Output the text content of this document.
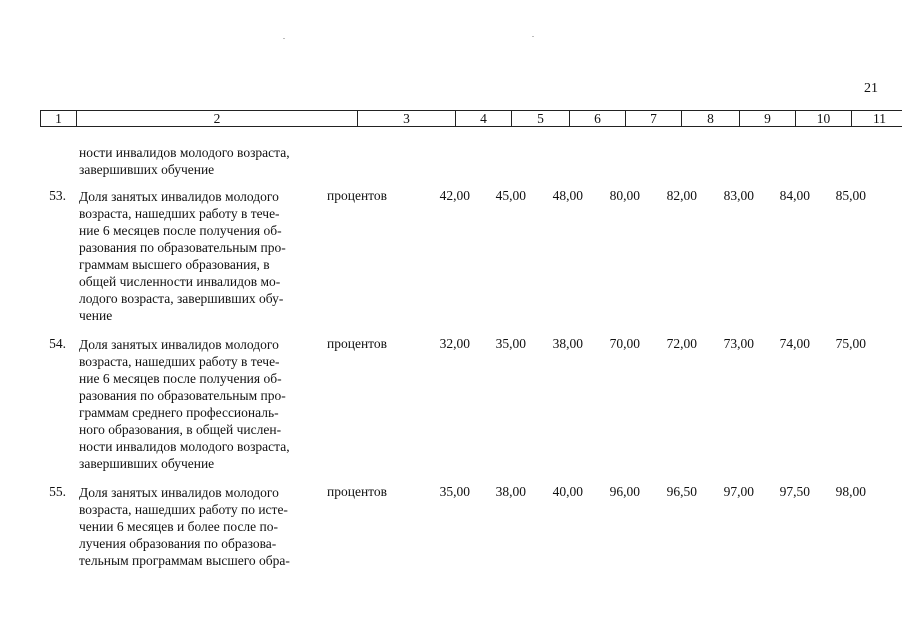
21
1	2	3	4	5	6	7	8	9	10	11
ности инвалидов молодого возраста,
завершивших обучение
53. Доля занятых инвалидов молодого
возраста, нашедших работу в тече-
ние 6 месяцев после получения об-
разования по образовательным про-
граммам высшего образования, в
общей численности инвалидов мо-
лодого возраста, завершивших обу-
чение
процентов	42,00	45,00	48,00	80,00	82,00	83,00	84,00	85,00
54. Доля занятых инвалидов молодого
возраста, нашедших работу в тече-
ние 6 месяцев после получения об-
разования по образовательным про-
граммам среднего профессиональ-
ного образования, в общей числен-
ности инвалидов молодого возраста,
завершивших обучение
процентов	32,00	35,00	38,00	70,00	72,00	73,00	74,00	75,00
55. Доля занятых инвалидов молодого
возраста, нашедших работу по исте-
чении 6 месяцев и более после по-
лучения образования по образова-
тельным программам высшего обра-
процентов	35,00	38,00	40,00	96,00	96,50	97,00	97,50	98,00
